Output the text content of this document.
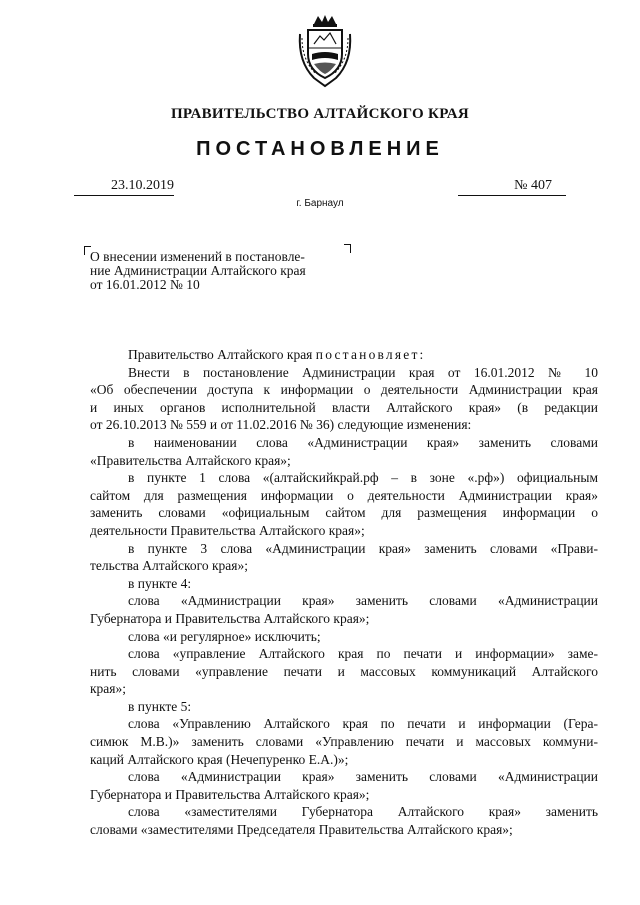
ПРАВИТЕЛЬСТВО АЛТАЙСКОГО КРАЯ
ПОСТАНОВЛЕНИЕ
23.10.2019	№ 407
г. Барнаул
О внесении изменений в постановле-
ние Администрации Алтайского края
от 16.01.2012 № 10
Правительство Алтайского края постановляет:
Внести в постановление Администрации края от 16.01.2012 № 10
«Об обеспечении доступа к информации о деятельности Администрации края
и иных органов исполнительной власти Алтайского края» (в редакции
от 26.10.2013 № 559 и от 11.02.2016 № 36) следующие изменения:
в наименовании слова «Администрации края» заменить словами
«Правительства Алтайского края»;
в пункте 1 слова «(алтайскийкрай.рф – в зоне «.рф») официальным
сайтом для размещения информации о деятельности Администрации края»
заменить словами «официальным сайтом для размещения информации о
деятельности Правительства Алтайского края»;
в пункте 3 слова «Администрации края» заменить словами «Прави-
тельства Алтайского края»;
в пункте 4:
слова «Администрации края» заменить словами «Администрации
Губернатора и Правительства Алтайского края»;
слова «и регулярное» исключить;
слова «управление Алтайского края по печати и информации» заме-
нить словами «управление печати и массовых коммуникаций Алтайского
края»;
в пункте 5:
слова «Управлению Алтайского края по печати и информации (Гера-
симюк М.В.)» заменить словами «Управлению печати и массовых коммуни-
каций Алтайского края (Нечепуренко Е.А.)»;
слова «Администрации края» заменить словами «Администрации
Губернатора и Правительства Алтайского края»;
слова «заместителями Губернатора Алтайского края» заменить
словами «заместителями Председателя Правительства Алтайского края»;
